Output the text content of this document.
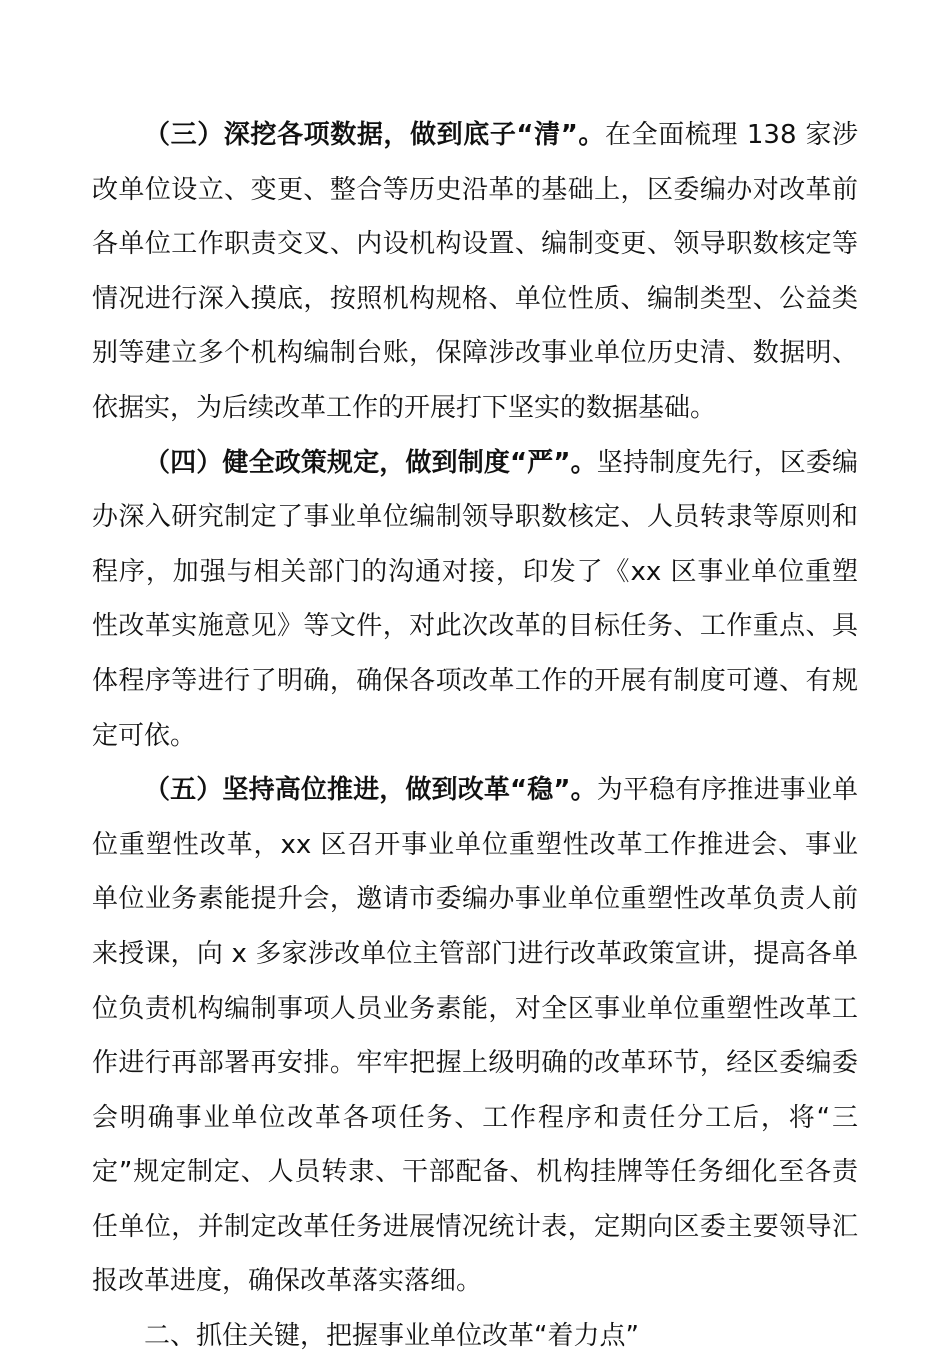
（三）深挖各项数据，做到底子“清”。在全面梳理 138 家涉改单位设立、变更、整合等历史沿革的基础上，区委编办对改革前各单位工作职责交叉、内设机构设置、编制变更、领导职数核定等情况进行深入摸底，按照机构规格、单位性质、编制类型、公益类别等建立多个机构编制台账，保障涉改事业单位历史清、数据明、依据实，为后续改革工作的开展打下坚实的数据基础。

（四）健全政策规定，做到制度“严”。坚持制度先行，区委编办深入研究制定了事业单位编制领导职数核定、人员转隶等原则和程序，加强与相关部门的沟通对接，印发了《xx 区事业单位重塑性改革实施意见》等文件，对此次改革的目标任务、工作重点、具体程序等进行了明确，确保各项改革工作的开展有制度可遵、有规定可依。

（五）坚持高位推进，做到改革“稳”。为平稳有序推进事业单位重塑性改革，xx 区召开事业单位重塑性改革工作推进会、事业单位业务素能提升会，邀请市委编办事业单位重塑性改革负责人前来授课，向 x 多家涉改单位主管部门进行改革政策宣讲，提高各单位负责机构编制事项人员业务素能，对全区事业单位重塑性改革工作进行再部署再安排。牢牢把握上级明确的改革环节，经区委编委会明确事业单位改革各项任务、工作程序和责任分工后，将“三定”规定制定、人员转隶、干部配备、机构挂牌等任务细化至各责任单位，并制定改革任务进展情况统计表，定期向区委主要领导汇报改革进度，确保改革落实落细。

二、抓住关键，把握事业单位改革“着力点”
